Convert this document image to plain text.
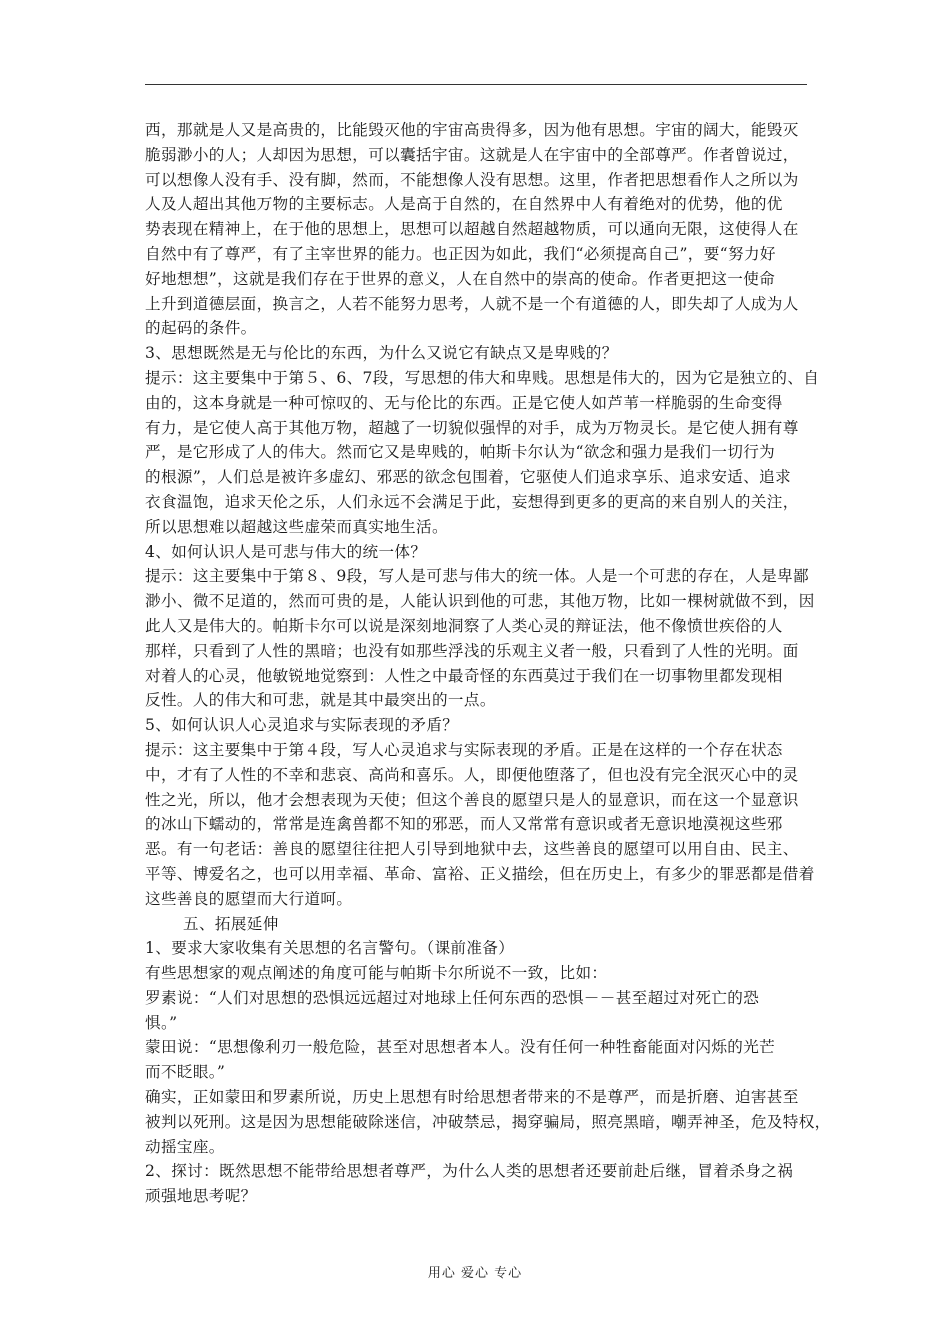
西，那就是人又是高贵的，比能毁灭他的宇宙高贵得多，因为他有思想。宇宙的阔大，能毁灭
脆弱渺小的人；人却因为思想，可以囊括宇宙。这就是人在宇宙中的全部尊严。作者曾说过，
可以想像人没有手、没有脚，然而，不能想像人没有思想。这里，作者把思想看作人之所以为
人及人超出其他万物的主要标志。人是高于自然的，在自然界中人有着绝对的优势，他的优
势表现在精神上，在于他的思想上，思想可以超越自然超越物质，可以通向无限，这使得人在
自然中有了尊严，有了主宰世界的能力。也正因为如此，我们“必须提高自己”，要“努力好
好地想想”，这就是我们存在于世界的意义，人在自然中的崇高的使命。作者更把这一使命
上升到道德层面，换言之，人若不能努力思考，人就不是一个有道德的人，即失却了人成为人
的起码的条件。
3、思想既然是无与伦比的东西，为什么又说它有缺点又是卑贱的？
提示：这主要集中于第５、6、7段，写思想的伟大和卑贱。思想是伟大的，因为它是独立的、自
由的，这本身就是一种可惊叹的、无与伦比的东西。正是它使人如芦苇一样脆弱的生命变得
有力，是它使人高于其他万物，超越了一切貌似强悍的对手，成为万物灵长。是它使人拥有尊
严，是它形成了人的伟大。然而它又是卑贱的，帕斯卡尔认为“欲念和强力是我们一切行为
的根源”，人们总是被许多虚幻、邪恶的欲念包围着，它驱使人们追求享乐、追求安适、追求
衣食温饱，追求天伦之乐，人们永远不会满足于此，妄想得到更多的更高的来自别人的关注，
所以思想难以超越这些虚荣而真实地生活。
4、如何认识人是可悲与伟大的统一体？
提示：这主要集中于第８、9段，写人是可悲与伟大的统一体。人是一个可悲的存在，人是卑鄙
渺小、微不足道的，然而可贵的是，人能认识到他的可悲，其他万物，比如一棵树就做不到，因
此人又是伟大的。帕斯卡尔可以说是深刻地洞察了人类心灵的辩证法，他不像愤世疾俗的人
那样，只看到了人性的黑暗；也没有如那些浮浅的乐观主义者一般，只看到了人性的光明。面
对着人的心灵，他敏锐地觉察到：人性之中最奇怪的东西莫过于我们在一切事物里都发现相
反性。人的伟大和可悲，就是其中最突出的一点。
5、如何认识人心灵追求与实际表现的矛盾？
提示：这主要集中于第４段，写人心灵追求与实际表现的矛盾。正是在这样的一个存在状态
中，才有了人性的不幸和悲哀、高尚和喜乐。人，即便他堕落了，但也没有完全泯灭心中的灵
性之光，所以，他才会想表现为天使；但这个善良的愿望只是人的显意识，而在这一个显意识
的冰山下蠕动的，常常是连禽兽都不知的邪恶，而人又常常有意识或者无意识地漠视这些邪
恶。有一句老话：善良的愿望往往把人引导到地狱中去，这些善良的愿望可以用自由、民主、
平等、博爱名之，也可以用幸福、革命、富裕、正义描绘，但在历史上，有多少的罪恶都是借着
这些善良的愿望而大行道呵。
五、拓展延伸
1、要求大家收集有关思想的名言警句。（课前准备）
有些思想家的观点阐述的角度可能与帕斯卡尔所说不一致，比如：
罗素说：“人们对思想的恐惧远远超过对地球上任何东西的恐惧－－甚至超过对死亡的恐
惧。”
蒙田说：“思想像利刃一般危险，甚至对思想者本人。没有任何一种牲畜能面对闪烁的光芒
而不眨眼。”
确实，正如蒙田和罗素所说，历史上思想有时给思想者带来的不是尊严，而是折磨、迫害甚至
被判以死刑。这是因为思想能破除迷信，冲破禁忌，揭穿骗局，照亮黑暗，嘲弄神圣，危及特权，
动摇宝座。
2、探讨：既然思想不能带给思想者尊严，为什么人类的思想者还要前赴后继，冒着杀身之祸
顽强地思考呢？
用心 爱心 专心
